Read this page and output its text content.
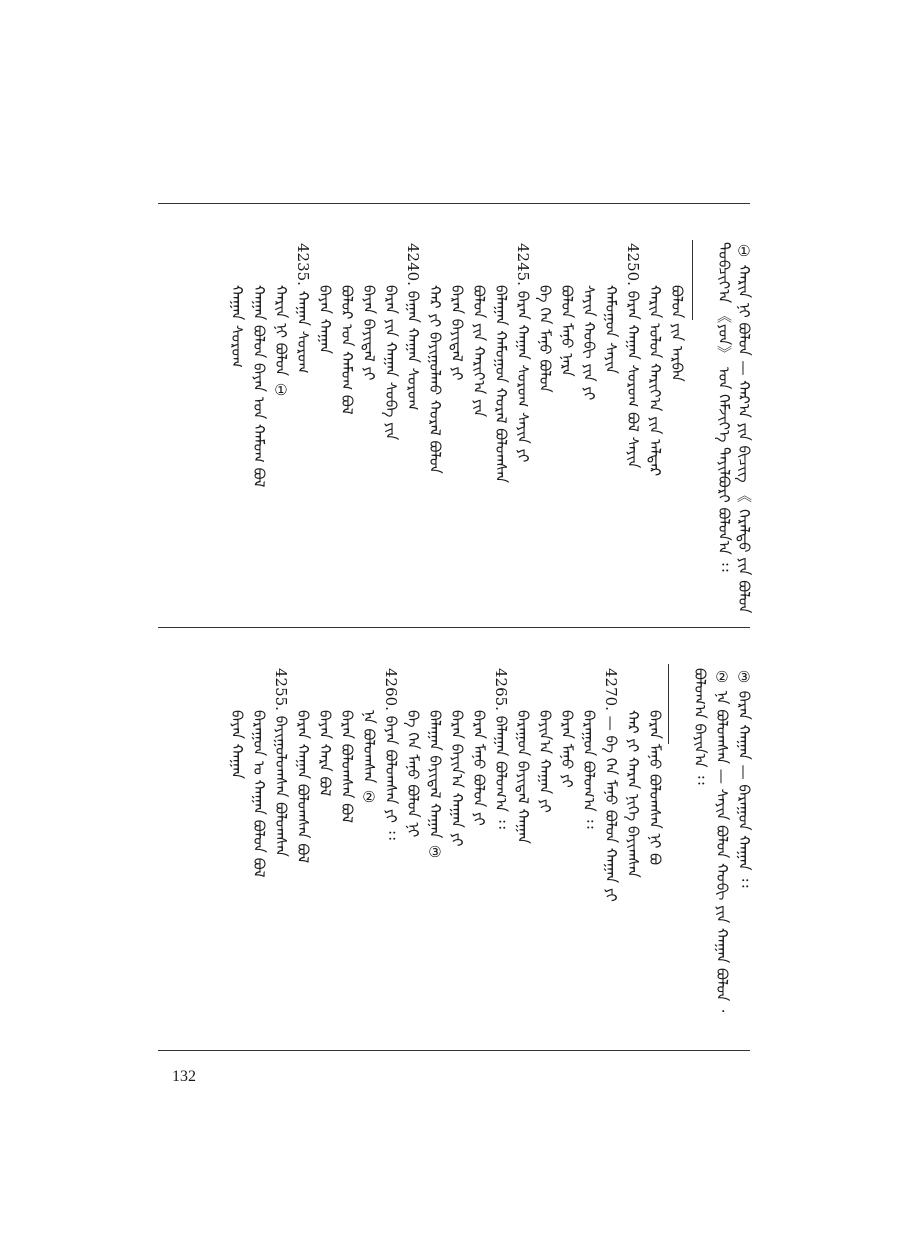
① ᠬᠠᠷᠢᠨ ᠨᠢ ᠪᠣᠯᠤᠨ — ᠬᠠᠷ᠎ᠠ ᠶᠢᠨ ᠪᠢᠴᠢᠭ᠌ 《 ᠭᠡᠷᠡᠯᠲᠦ ᠶᠢᠨ ᠪᠣᠯᠤᠨ
ᠲᠣᠪᠴᠢᠶ᠎ᠠ 《ᠶᠤᠨ》 ᠤᠨ ᠬᠡᠮᠵᠢᠶ᠎ᠡ ᠲᠠᠶᠢᠯᠪᠤᠷᠢ ᠪᠣᠯᠤᠨ᠎ᠠ ᠄᠄
ᠪᠣᠯᠣᠨ ᠶᠢᠨ ᠠᠷᠪᠠᠨ
ᠬᠠᠷᠢᠨ ᠣᠯᠤᠨ ᠬᠠᠷᠢᠶ᠎ᠠ ᠶᠢᠨ ᠠᠯᠳᠠᠷ
4250. ᠪᠠᠷᠠᠨ ᠬᠠᠭᠠᠨ ᠰᠤᠷᠤᠭ ᠪᠣᠯ ᠰᠠᠶᠢᠨ
ᠬᠠᠮᠤᠭᠤᠨ ᠰᠠᠶᠢᠨ
ᠰᠠᠶᠢᠨ ᠬᠤᠪᠢ ᠶᠢᠨ ᠶᠢ
ᠪᠣᠯᠤᠨ ᠮᠠᠨ᠋ᠤ ᠨᠡᠷᠡ
ᠪᠠ ᠭᠡᠨ ᠮᠠᠨ᠋ᠤ ᠪᠣᠯᠣᠨ
4245. ᠪᠠᠷᠠᠨ ᠬᠠᠭᠠᠨ ᠰᠤᠷᠤᠭ ᠰᠠᠶᠢᠨ ᠶᠢ
ᠪᠠᠯᠠᠭᠠᠨ ᠬᠠᠮᠤᠭᠤᠨ ᠬᠤᠷᠠᠯ ᠪᠣᠯᠤᠭᠰᠠᠨ
ᠪᠣᠯᠤᠨ ᠶᠢᠨ ᠬᠠᠷᠢᠶ᠎ᠠ ᠶᠢᠨ
ᠪᠠᠷᠠᠨ ᠪᠠᠶᠢᠳᠠᠯ ᠶᠢ
ᠬᠠᠷ ᠶᠢ ᠪᠠᠶᠢᠭᠤᠯᠬᠤ ᠬᠤᠷᠠᠯ ᠪᠣᠯᠤᠨ
4240. ᠪᠠᠭᠠᠨ ᠬᠠᠭᠠᠨ ᠰᠤᠷᠤᠭ
ᠪᠠᠷᠠᠨ ᠶᠢᠨ ᠬᠠᠭᠠᠨ ᠰᠣᠪᠠ ᠶᠢᠨ
ᠪᠠᠶᠠᠨ ᠪᠠᠶᠢᠳᠠᠯ ᠶᠢ
ᠪᠣᠯᠣᠷ ᠤᠨ ᠬᠠᠮᠤᠭ ᠪᠣᠯ
ᠪᠠᠶᠠᠨ ᠬᠠᠭᠠᠨ
4235. ᠬᠠᠭᠠᠨ ᠰᠤᠷᠤᠭ
ᠬᠠᠷᠢᠨ ᠨᠢ ᠪᠣᠯᠣᠨ ①
ᠬᠠᠭᠠᠨ ᠪᠣᠯᠣᠨ ᠪᠠᠶᠠᠨ ᠤᠨ ᠬᠠᠮᠤᠭ ᠪᠣᠯ
ᠬᠠᠭᠠᠨ ᠰᠤᠷᠤᠭ
③ ᠪᠠᠷᠠᠨ ᠬᠠᠭᠠᠨ — ᠪᠠᠷᠠᠭᠤᠨ ᠬᠠᠭᠠᠨ ᠄᠄
② ᠨᠠ ᠪᠣᠯᠤᠭᠰᠠᠨ — ᠰᠠᠶᠢᠨ ᠪᠣᠯᠤᠨ ᠬᠤᠪᠢ ᠶᠢᠨ ᠬᠠᠭᠠᠨ ᠪᠣᠯᠣᠨ ᠂
ᠪᠣᠯᠣᠭ᠎ᠠ ᠪᠠᠶᠢᠨ᠎ᠠ ᠄᠄
ᠪᠠᠷᠠᠨ ᠮᠠᠨ᠋ᠤ ᠪᠣᠯᠣᠭᠰᠠᠨ ᠨᠢ ᠪᠣ
ᠬᠠᠷ ᠶᠢ ᠬᠠᠷᠠᠨ ᠨᠢᠭᠡ ᠪᠠᠶᠢᠭᠰᠠᠨ
4270. — ᠪᠠ ᠭᠡᠨ ᠮᠠᠨ᠋ᠤ ᠪᠣᠯᠣᠨ ᠬᠠᠭᠠᠨ ᠶᠢ
ᠪᠠᠷᠠᠭᠤᠨ ᠪᠣᠯᠤᠭ᠎ᠠ ᠄᠄
ᠪᠠᠷᠠᠨ ᠮᠠᠨ᠋ᠤ ᠶᠢ
ᠪᠠᠶᠢᠨ᠎ᠠ ᠬᠠᠭᠠᠨ ᠶᠢ
ᠪᠠᠷᠠᠭᠤᠨ ᠪᠠᠶᠢᠳᠠᠯ ᠬᠠᠭᠠᠨ
4265. ᠪᠠᠯᠠᠭᠠᠨ ᠪᠣᠯᠤᠭ᠎ᠠ ᠄᠄
ᠪᠠᠷᠠᠨ ᠮᠠᠨ᠋ᠤ ᠪᠣᠯᠣᠨ ᠶᠢ
ᠪᠠᠷᠠᠨ ᠪᠠᠶᠢᠨ᠎ᠠ ᠬᠠᠭᠠᠨ ᠶᠢ
ᠪᠠᠯᠠᠭᠠᠨ ᠪᠠᠶᠢᠳᠠᠯ ᠬᠠᠭᠠᠨ ③
ᠪᠠ ᠭᠡᠨ ᠮᠠᠨ᠋ᠤ ᠪᠣᠯᠣᠨ ᠨᠢ
4260. ᠪᠠᠶᠠᠨ ᠪᠣᠯᠤᠭᠰᠠᠨ ᠶᠢ ᠄᠄
ᠨᠠ ᠪᠣᠯᠤᠭᠰᠠᠨ ②
ᠪᠠᠷᠠᠨ ᠪᠣᠯᠤᠭᠰᠠᠨ ᠪᠣᠯ
ᠪᠠᠶᠠᠨ ᠬᠠᠷᠠ ᠪᠣᠯ
ᠪᠠᠷᠠᠨ ᠬᠠᠭᠠᠨ ᠪᠣᠯᠤᠭᠰᠠᠨ ᠪᠣᠯ
4255. ᠪᠠᠶᠢᠭᠤᠯᠤᠭᠰᠠᠨ ᠪᠣᠯᠤᠭᠰᠠᠨ
ᠪᠠᠷᠠᠭᠤᠨ ᠤ ᠬᠠᠭᠠᠨ ᠪᠣᠯᠣᠨ ᠪᠣᠯ
ᠪᠠᠶᠠᠨ ᠬᠠᠭᠠᠨ
132
